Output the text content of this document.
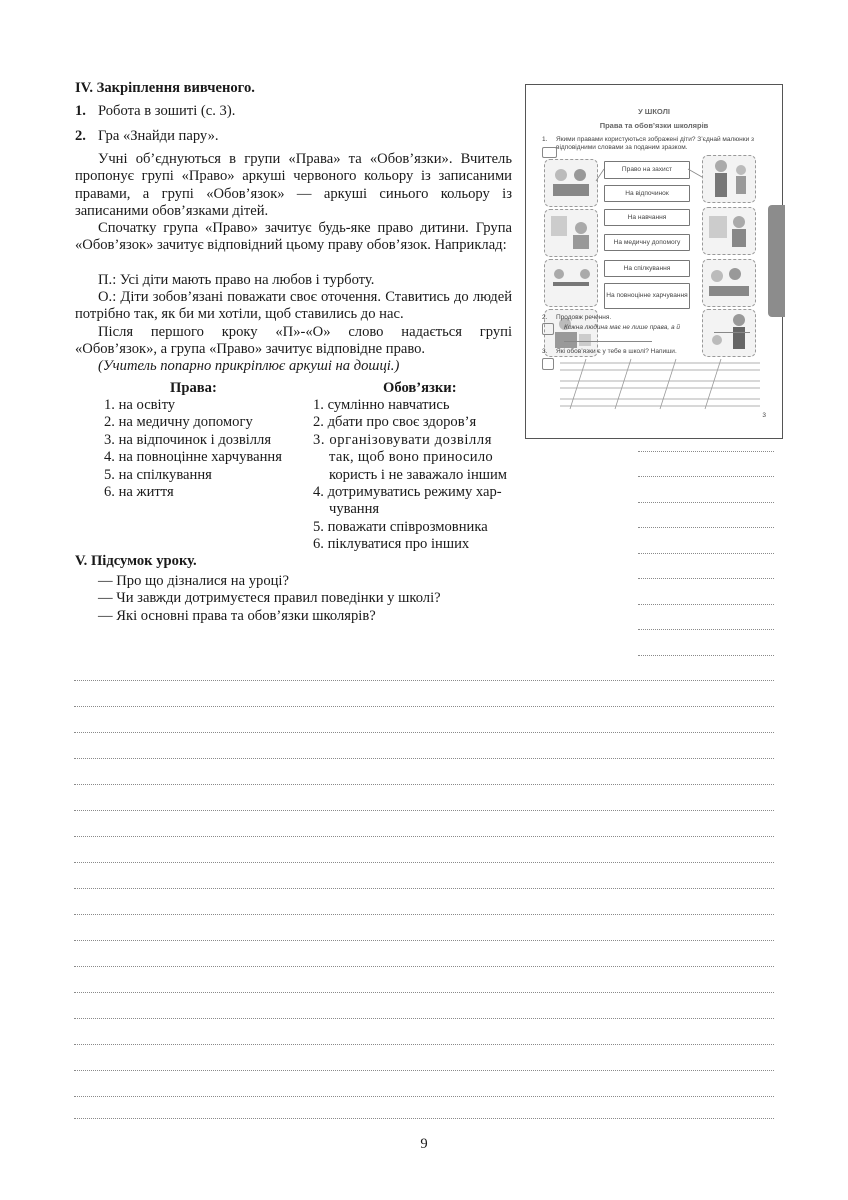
IV. Закріплення вивченого.
1. Робота в зошиті (с. 3).
2. Гра «Знайди пару».
Учні об’єднуються в групи «Права» та «Обов’язки». Вчитель пропонує групі «Право» аркуші червоного кольору із записаними правами, а групі «Обов’язок» — аркуші синього кольору із записаними обов’язками дітей.
Спочатку група «Право» зачитує будь-яке право дитини. Група «Обов’язок» зачитує відповідний цьому праву обов’язок. Наприклад:
П.: Усі діти мають право на любов і турботу.
О.: Діти зобов’язані поважати своє оточення. Ставитись до людей потрібно так, як би ми хотіли, щоб ставились до нас.
Після першого кроку «П»-«О» слово надається групі «Обов’язок», а група «Право» зачитує відповідне право.
(Учитель попарно прикріплює аркуші на дошці.)
Права:	Обов’язки:
1. на освіту
2. на медичну допомогу
3. на відпочинок і дозвілля
4. на повноцінне харчування
5. на спілкування
6. на життя
1. сумлінно навчатись
2. дбати про своє здоров’я
3. організовувати дозвілля
так, щоб воно приносило
користь і не заважало іншим
4. дотримуватись режиму хар-
чування
5. поважати співрозмовника
6. піклуватися про інших
V. Підсумок уроку.
— Про що дізналися на уроці?
— Чи завжди дотримуєтеся правил поведінки у школі?
— Які основні права та обов’язки школярів?
У ШКОЛІ
Права та обов’язки школярів
1. Якими правами користуються зображені діти? З’єднай малюнки з відповідними словами за поданим зразком.
Право на захист
На відпочинок
На навчання
На медичну допомогу
На спілкування
На повноцінне харчування
2. Продовж речення.
Кожна людина має не лише права, а й
3. Які обов’язки є у тебе в школі? Напиши.
3
9
